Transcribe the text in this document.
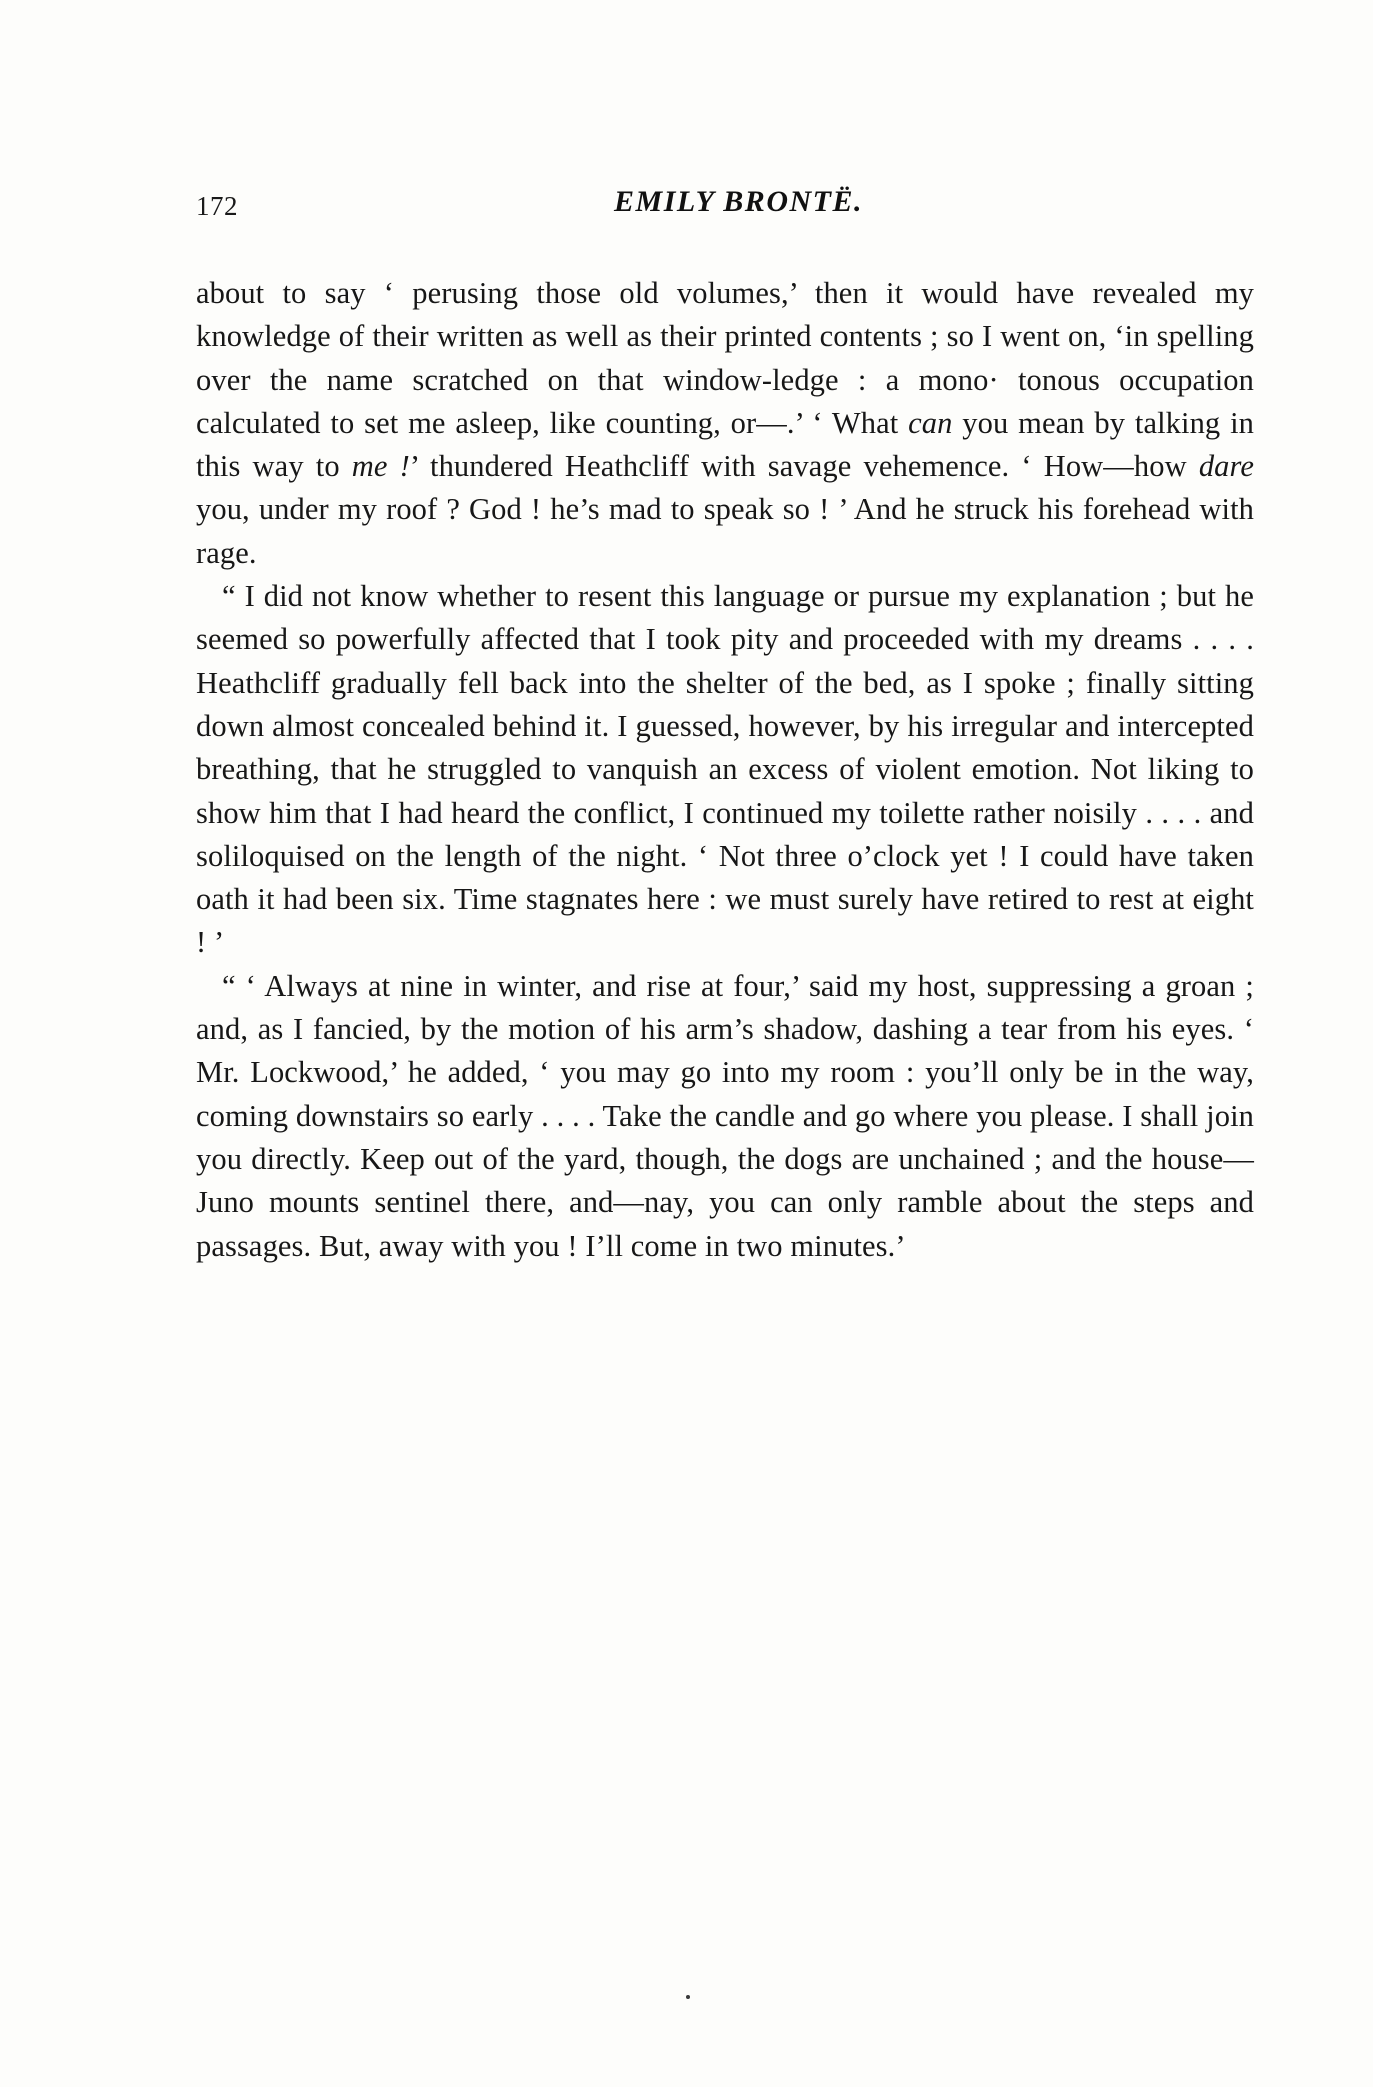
172	EMILY BRONTË.

about to say ‘ perusing those old volumes,’ then it would have revealed my knowledge of their written as well as their printed contents ; so I went on, ‘in spelling over the name scratched on that window-ledge : a mono· tonous occupation calculated to set me asleep, like counting, or—.’ ‘ What can you mean by talking in this way to me !’ thundered Heathcliff with savage vehemence. ‘ How—how dare you, under my roof ? God ! he’s mad to speak so ! ’ And he struck his forehead with rage.

“ I did not know whether to resent this language or pursue my explanation ; but he seemed so powerfully affected that I took pity and proceeded with my dreams . . . . Heathcliff gradually fell back into the shelter of the bed, as I spoke ; finally sitting down almost concealed behind it. I guessed, however, by his irregular and intercepted breathing, that he struggled to vanquish an excess of violent emotion. Not liking to show him that I had heard the conflict, I continued my toilette rather noisily . . . . and soliloquised on the length of the night. ‘ Not three o’clock yet ! I could have taken oath it had been six. Time stagnates here : we must surely have retired to rest at eight ! ’

“ ‘ Always at nine in winter, and rise at four,’ said my host, suppressing a groan ; and, as I fancied, by the motion of his arm’s shadow, dashing a tear from his eyes. ‘ Mr. Lockwood,’ he added, ‘ you may go into my room : you’ll only be in the way, coming downstairs so early . . . . Take the candle and go where you please. I shall join you directly. Keep out of the yard, though, the dogs are unchained ; and the house—Juno mounts sentinel there, and—nay, you can only ramble about the steps and passages. But, away with you ! I’ll come in two minutes.’
